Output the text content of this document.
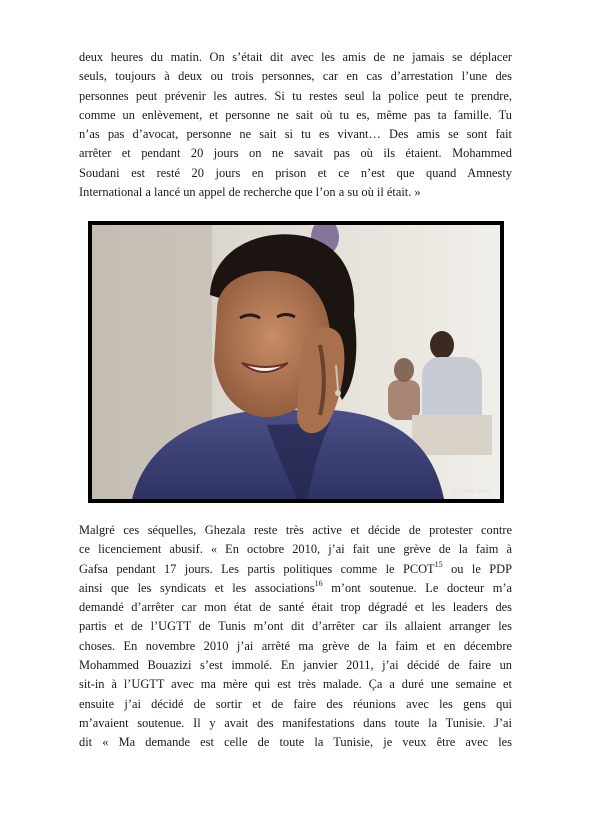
deux heures du matin. On s’était dit avec les amis de ne jamais se déplacer
seuls, toujours à deux ou trois personnes, car en cas d’arrestation l’une des
personnes peut prévenir les autres. Si tu restes seul la police peut te prendre,
comme un enlèvement, et personne ne sait où tu es, même pas ta famille. Tu
n’as pas d’avocat, personne ne sait si tu es vivant… Des amis se sont fait
arrêter et pendant 20 jours on ne savait pas où ils étaient. Mohammed
Soudani est resté 20 jours en prison et ce n’est que quand Amnesty
International a lancé un appel de recherche que l’on a su où il était. »
© Claire Vallet
Malgré ces séquelles, Ghezala reste très active et décide de protester contre
ce licenciement abusif. « En octobre 2010, j’ai fait une grève de la faim à
Gafsa pendant 17 jours. Les partis politiques comme le PCOT$^{15}$ ou le PDP
ainsi que les syndicats et les associations$^{16}$ m’ont soutenue. Le docteur m’a
demandé d’arrêter car mon état de santé était trop dégradé et les leaders des
partis et de l’UGTT de Tunis m’ont dit d’arrêter car ils allaient arranger les
choses. En novembre 2010 j’ai arrêté ma grève de la faim et en décembre
Mohammed Bouazizi s’est immolé. En janvier 2011, j’ai décidé de faire un
sit-in à l’UGTT avec ma mère qui est très malade. Ça a duré une semaine et
ensuite j’ai décidé de sortir et de faire des réunions avec les gens qui
m’avaient soutenue. Il y avait des manifestations dans toute la Tunisie. J’ai
dit « Ma demande est celle de toute la Tunisie, je veux être avec les
